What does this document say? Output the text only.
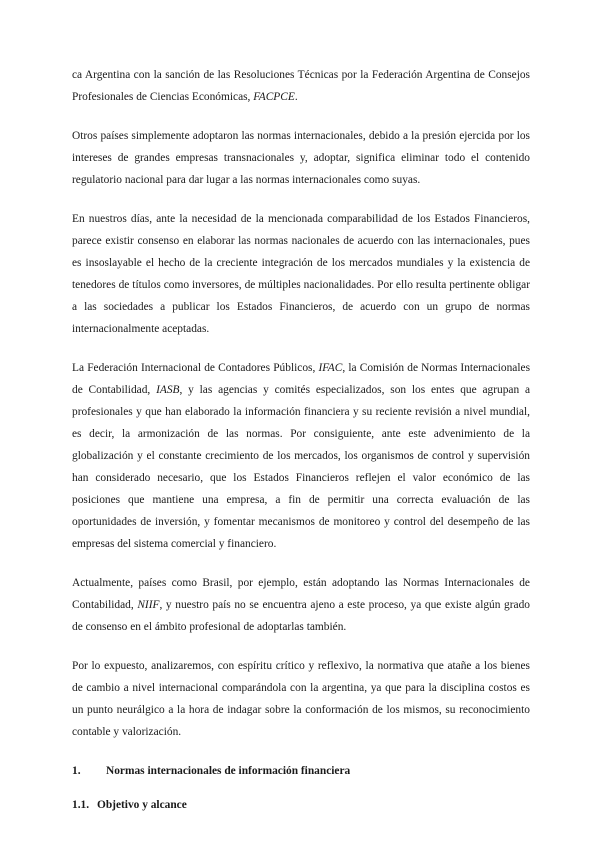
ca Argentina con la sanción de las Resoluciones Técnicas por la Federación Argentina de Consejos Profesionales de Ciencias Económicas, FACPCE.

Otros países simplemente adoptaron las normas internacionales, debido a la presión ejercida por los intereses de grandes empresas transnacionales y, adoptar, significa eliminar todo el contenido regulatorio nacional para dar lugar a las normas internacionales como suyas.

En nuestros días, ante la necesidad de la mencionada comparabilidad de los Estados Financieros, parece existir consenso en elaborar las normas nacionales de acuerdo con las internacionales, pues es insoslayable el hecho de la creciente integración de los mercados mundiales y la existencia de tenedores de títulos como inversores, de múltiples nacionalidades. Por ello resulta pertinente obligar a las sociedades a publicar los Estados Financieros, de acuerdo con un grupo de normas internacionalmente aceptadas.

La Federación Internacional de Contadores Públicos, IFAC, la Comisión de Normas Internacionales de Contabilidad, IASB, y las agencias y comités especializados, son los entes que agrupan a profesionales y que han elaborado la información financiera y su reciente revisión a nivel mundial, es decir, la armonización de las normas. Por consiguiente, ante este advenimiento de la globalización y el constante crecimiento de los mercados, los organismos de control y supervisión han considerado necesario, que los Estados Financieros reflejen el valor económico de las posiciones que mantiene una empresa, a fin de permitir una correcta evaluación de las oportunidades de inversión, y fomentar mecanismos de monitoreo y control del desempeño de las empresas del sistema comercial y financiero.

Actualmente, países como Brasil, por ejemplo, están adoptando las Normas Internacionales de Contabilidad, NIIF, y nuestro país no se encuentra ajeno a este proceso, ya que existe algún grado de consenso en el ámbito profesional de adoptarlas también.

Por lo expuesto, analizaremos, con espíritu crítico y reflexivo, la normativa que atañe a los bienes de cambio a nivel internacional comparándola con la argentina, ya que para la disciplina costos es un punto neurálgico a la hora de indagar sobre la conformación de los mismos, su reconocimiento contable y valorización.

1.	Normas internacionales de información financiera
1.1. Objetivo y alcance
